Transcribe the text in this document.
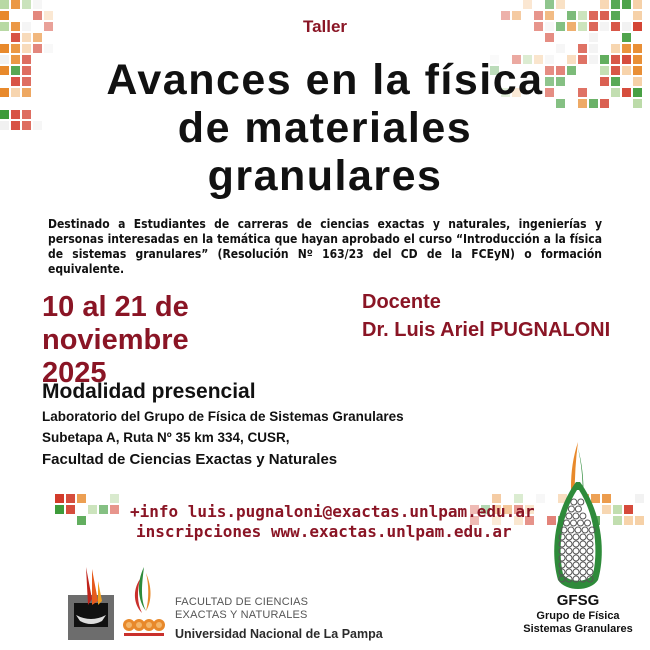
Taller

Avances en la física
de materiales
granulares

Destinado a Estudiantes de carreras de ciencias exactas y naturales, ingenierías y personas interesadas en la temática que hayan aprobado el curso “Introducción a la física de sistemas granulares” (Resolución Nº 163/23 del CD de la FCEyN) o formación equivalente.

10 al 21 de noviembre
2025
Docente
Dr. Luis Ariel PUGNALONI
Modalidad presencial
Laboratorio del Grupo de Física de Sistemas Granulares
Subetapa A, Ruta Nº 35 km 334, CUSR,
Facultad de Ciencias Exactas y Naturales
+info luis.pugnaloni@exactas.unlpam.edu.ar
inscripciones www.exactas.unlpam.edu.ar
FACULTAD DE CIENCIAS
EXACTAS Y NATURALES
Universidad Nacional de La Pampa
GFSG
Grupo de Física
Sistemas Granulares
